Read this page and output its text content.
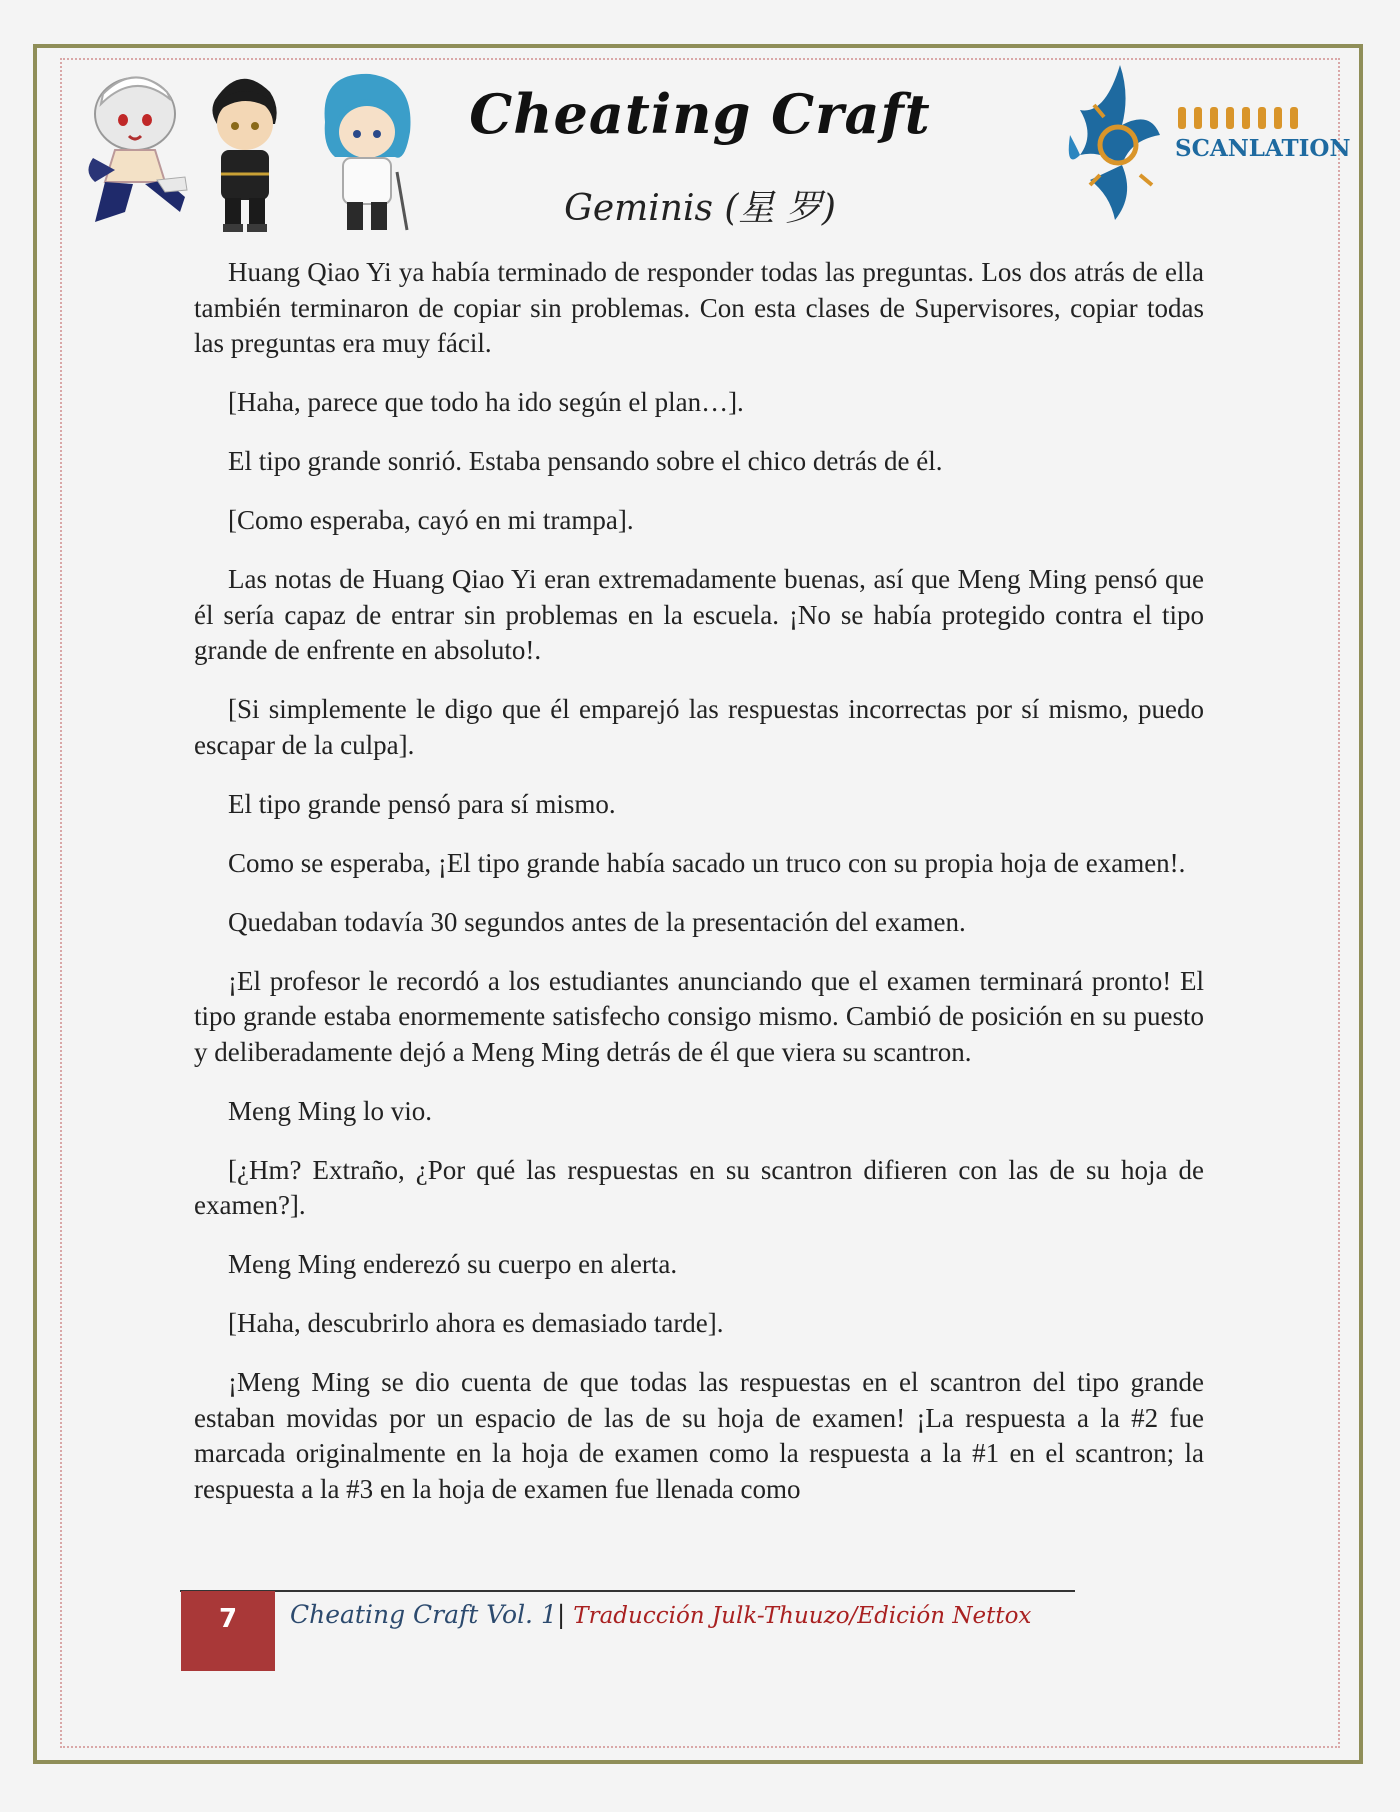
Cheating Craft
Geminis (星 罗)
SCANLATION

Huang Qiao Yi ya había terminado de responder todas las preguntas. Los dos atrás de ella también terminaron de copiar sin problemas. Con esta clases de Supervisores, copiar todas las preguntas era muy fácil.

[Haha, parece que todo ha ido según el plan…].

El tipo grande sonrió. Estaba pensando sobre el chico detrás de él.

[Como esperaba, cayó en mi trampa].

Las notas de Huang Qiao Yi eran extremadamente buenas, así que Meng Ming pensó que él sería capaz de entrar sin problemas en la escuela. ¡No se había protegido contra el tipo grande de enfrente en absoluto!.

[Si simplemente le digo que él emparejó las respuestas incorrectas por sí mismo, puedo escapar de la culpa].

El tipo grande pensó para sí mismo.

Como se esperaba, ¡El tipo grande había sacado un truco con su propia hoja de examen!.

Quedaban todavía 30 segundos antes de la presentación del examen.

¡El profesor le recordó a los estudiantes anunciando que el examen terminará pronto! El tipo grande estaba enormemente satisfecho consigo mismo. Cambió de posición en su puesto y deliberadamente dejó a Meng Ming detrás de él que viera su scantron.

Meng Ming lo vio.

[¿Hm? Extraño, ¿Por qué las respuestas en su scantron difieren con las de su hoja de examen?].

Meng Ming enderezó su cuerpo en alerta.

[Haha, descubrirlo ahora es demasiado tarde].

¡Meng Ming se dio cuenta de que todas las respuestas en el scantron del tipo grande estaban movidas por un espacio de las de su hoja de examen! ¡La respuesta a la #2 fue marcada originalmente en la hoja de examen como la respuesta a la #1 en el scantron; la respuesta a la #3 en la hoja de examen fue llenada como

7	Cheating Craft Vol. 1| Traducción Julk-Thuuzo/Edición Nettox
